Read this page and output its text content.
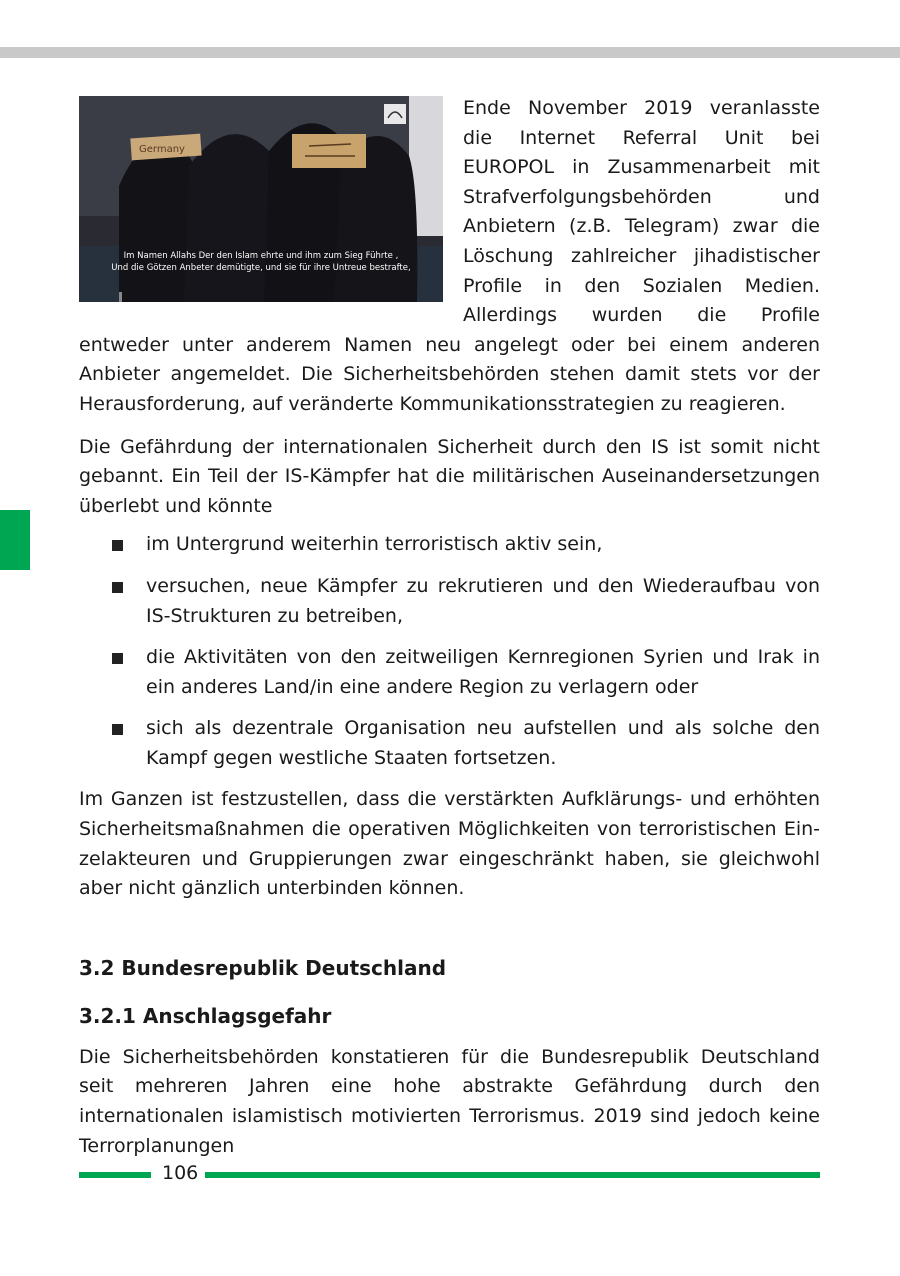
Germany
Im Namen Allahs Der den Islam ehrte und ihm zum Sieg Führte ,
Und die Götzen Anbeter demütigte, und sie für ihre Untreue bestrafte,

Ende November 2019 veranlasste die Internet Referral Unit bei EUROPOL in Zusammenarbeit mit Strafverfolgungsbehörden und Anbietern (z.B. Telegram) zwar die Löschung zahlreicher jihadistischer Profile in den Sozialen Medien. Allerdings wurden die Profile entweder unter anderem Namen neu angelegt oder bei einem anderen Anbieter angemeldet. Die Sicherheitsbehörden stehen damit stets vor der Herausforderung, auf veränderte Kommunikationsstrategien zu reagieren.

Die Gefährdung der internationalen Sicherheit durch den IS ist somit nicht gebannt. Ein Teil der IS-Kämpfer hat die militärischen Auseinandersetzungen überlebt und könnte

im Untergrund weiterhin terroristisch aktiv sein,
versuchen, neue Kämpfer zu rekrutieren und den Wiederaufbau von IS-Strukturen zu betreiben,
die Aktivitäten von den zeitweiligen Kernregionen Syrien und Irak in ein anderes Land/in eine andere Region zu verlagern oder
sich als dezentrale Organisation neu aufstellen und als solche den Kampf gegen westliche Staaten fortsetzen.

Im Ganzen ist festzustellen, dass die verstärkten Aufklärungs- und erhöhten Sicherheitsmaßnahmen die operativen Möglichkeiten von terroristischen Einzelakteuren und Gruppierungen zwar eingeschränkt haben, sie gleichwohl aber nicht gänzlich unterbinden können.

3.2 Bundesrepublik Deutschland
3.2.1 Anschlagsgefahr

Die Sicherheitsbehörden konstatieren für die Bundesrepublik Deutschland seit mehreren Jahren eine hohe abstrakte Gefährdung durch den internationalen islamistisch motivierten Terrorismus. 2019 sind jedoch keine Terrorplanungen

106
